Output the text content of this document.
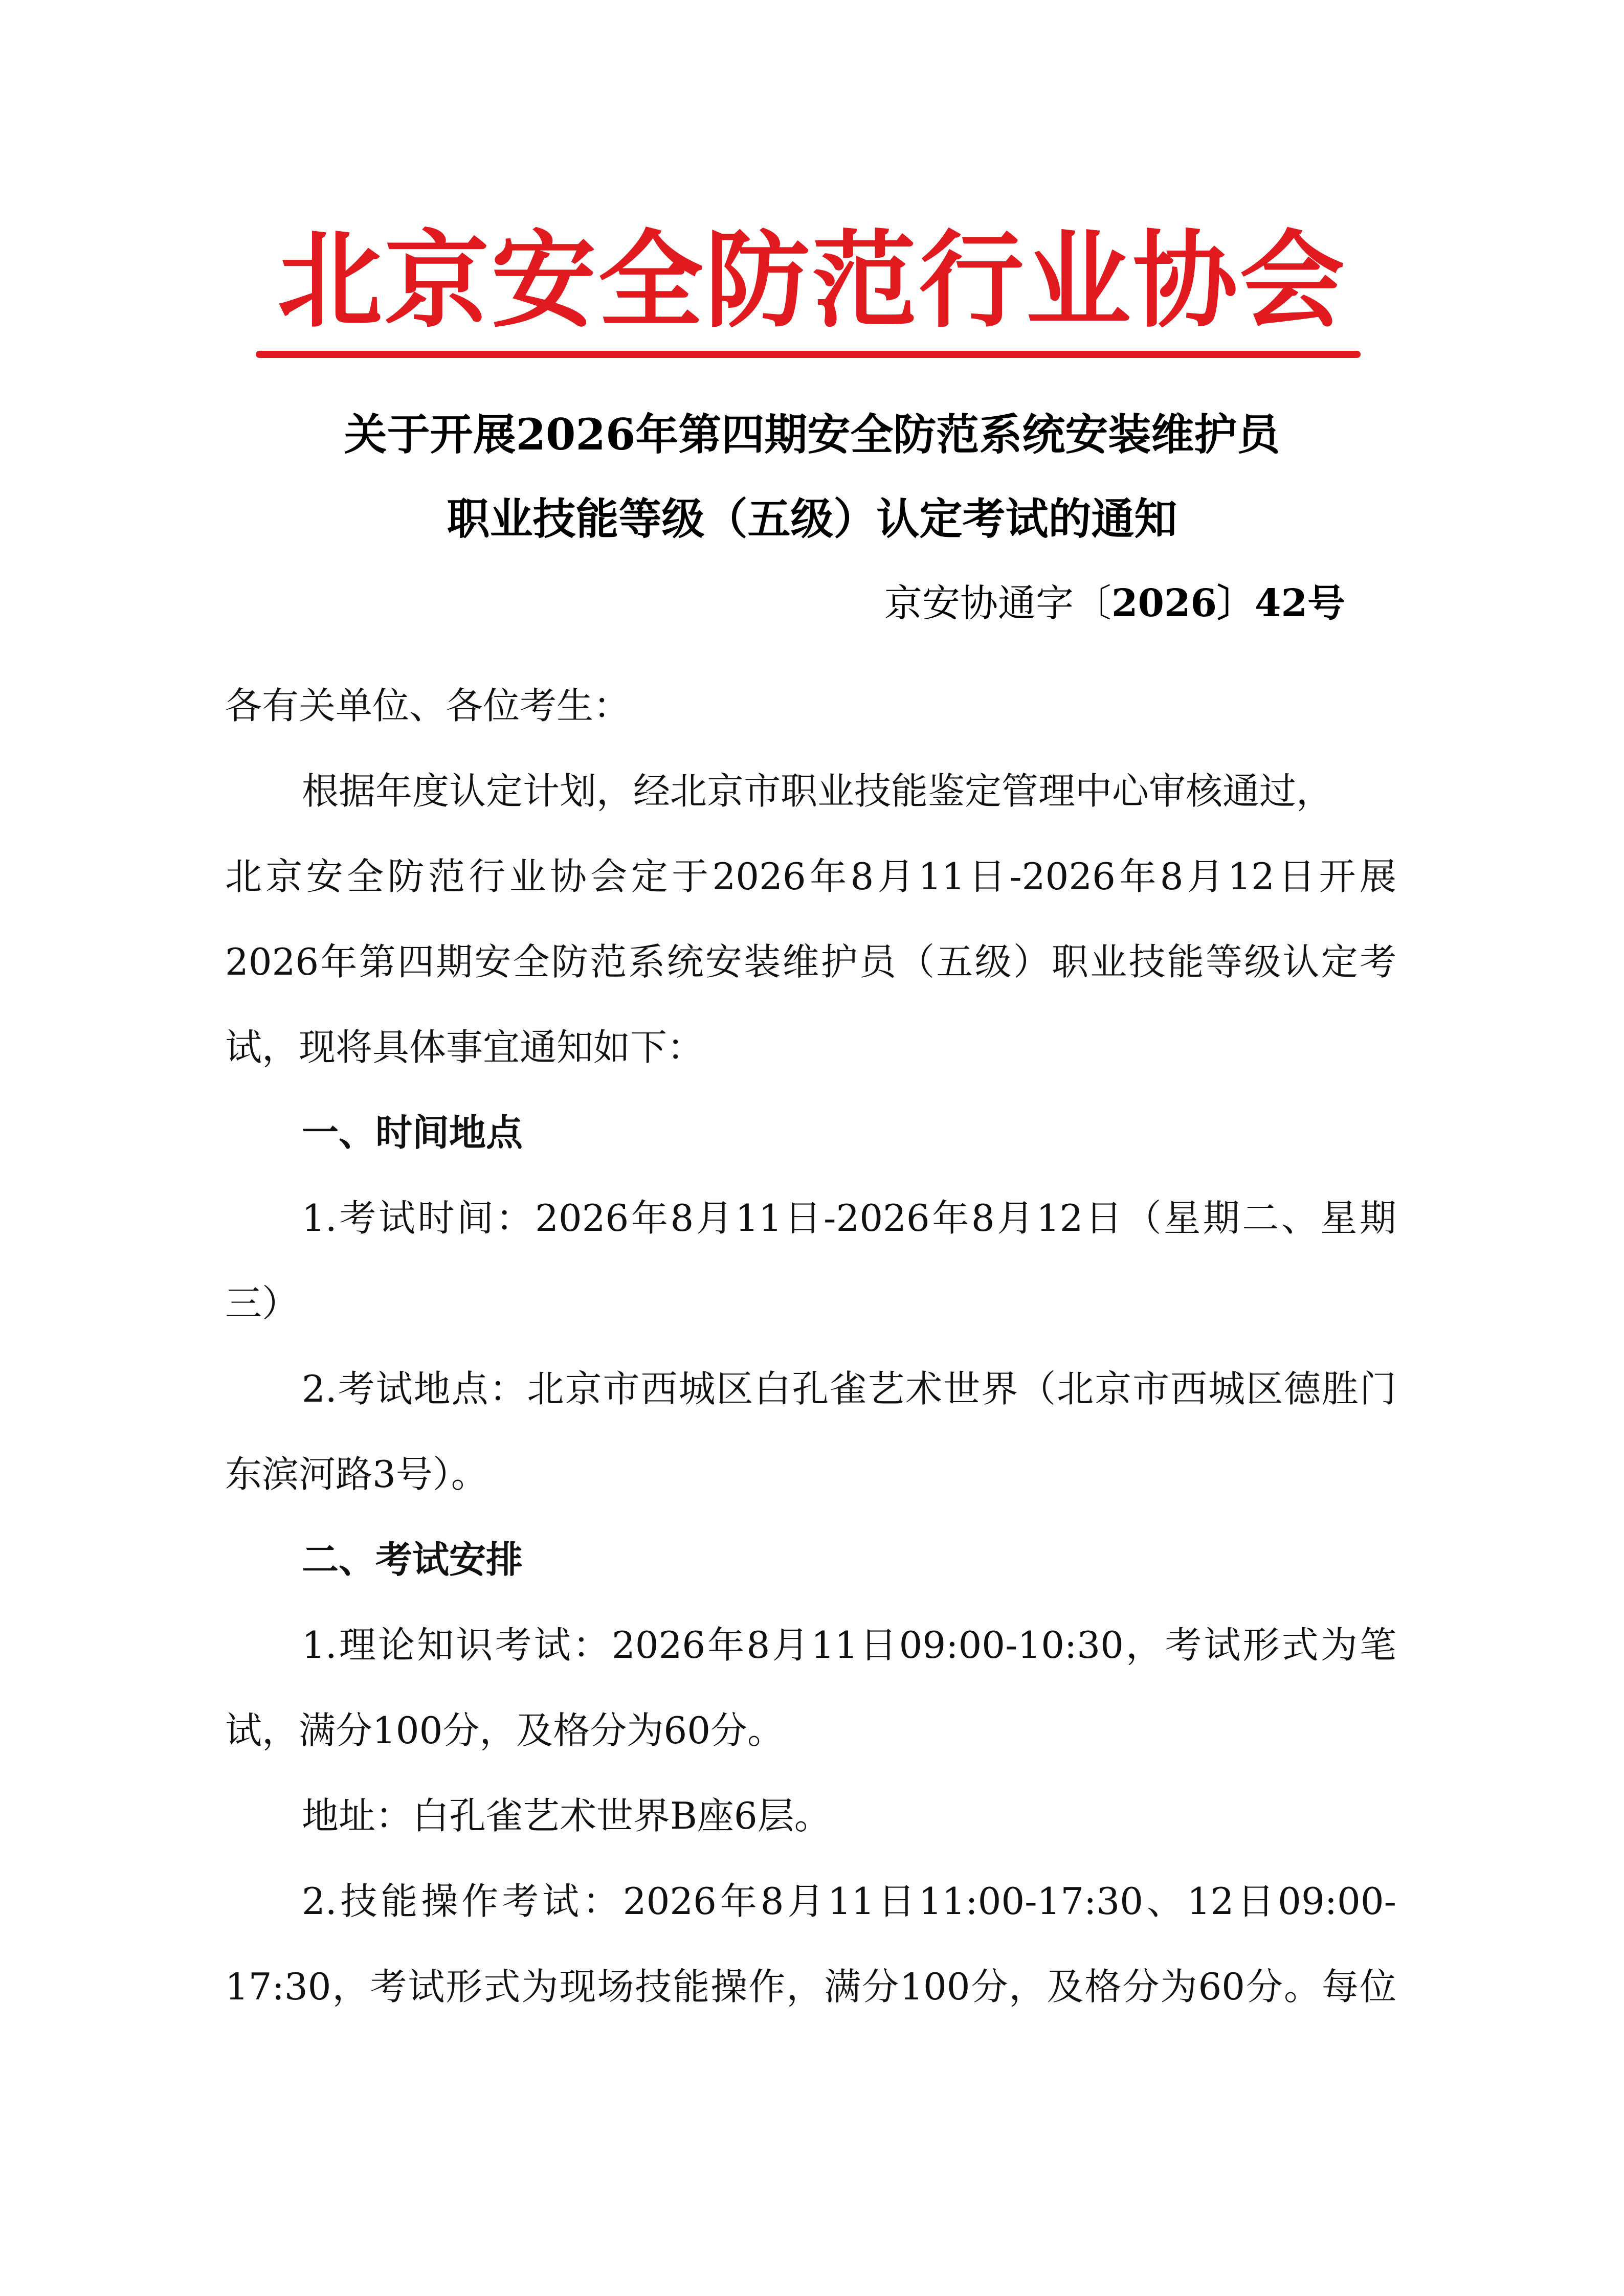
北京安全防范行业协会
关于开展2026年第四期安全防范系统安装维护员
职业技能等级（五级）认定考试的通知
京安协通字〔2026〕42号
各有关单位、各位考生：
根据年度认定计划，经北京市职业技能鉴定管理中心审核通过，
北京安全防范行业协会定于2026年8月11日-2026年8月12日开展
2026年第四期安全防范系统安装维护员（五级）职业技能等级认定考
试，现将具体事宜通知如下：
一、时间地点
1.考试时间：2026年8月11日-2026年8月12日（星期二、星期
三）
2.考试地点：北京市西城区白孔雀艺术世界（北京市西城区德胜门
东滨河路3号）。
二、考试安排
1.理论知识考试：2026年8月11日09:00-10:30，考试形式为笔
试，满分100分，及格分为60分。
地址：白孔雀艺术世界B座6层。
2.技能操作考试：2026年8月11日11:00-17:30、12日09:00-
17:30，考试形式为现场技能操作，满分100分，及格分为60分。每位
